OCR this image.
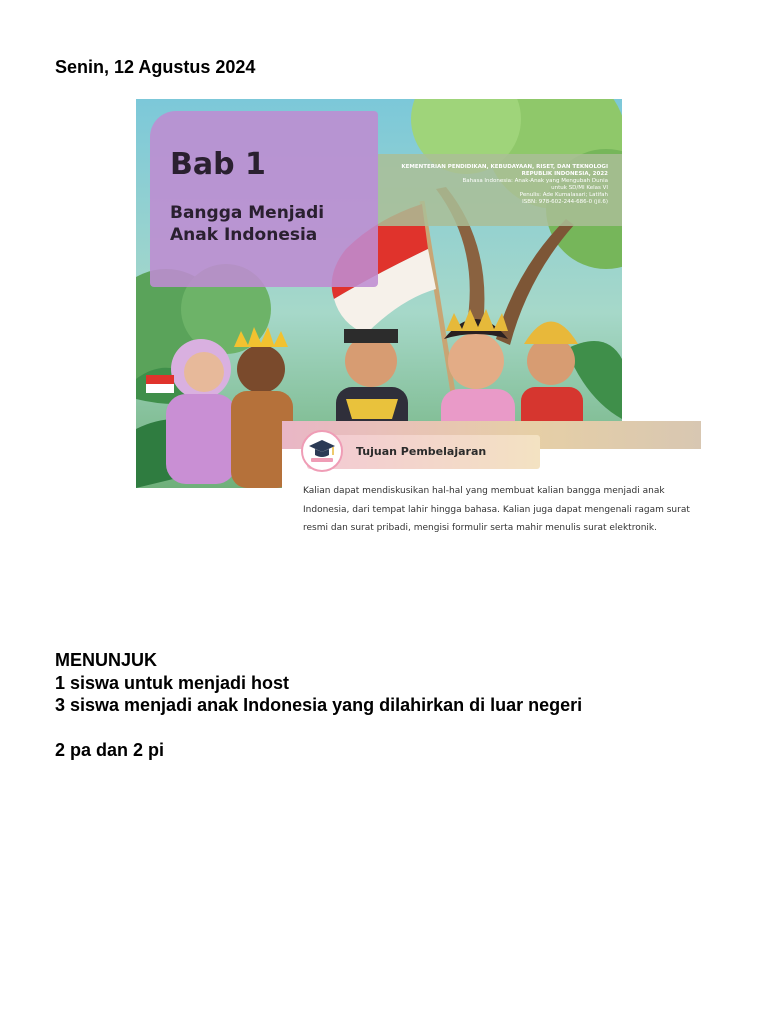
Senin, 12 Agustus 2024
Bab 1
Bangga Menjadi Anak Indonesia
KEMENTERIAN PENDIDIKAN, KEBUDAYAAN, RISET, DAN TEKNOLOGI
REPUBLIK INDONESIA, 2022
Bahasa Indonesia: Anak-Anak yang Mengubah Dunia
untuk SD/MI Kelas VI
Penulis: Ade Kumalasari; Latifah
ISBN: 978-602-244-686-0 (jil.6)
Tujuan Pembelajaran
Kalian dapat mendiskusikan hal-hal yang membuat kalian bangga menjadi anak Indonesia, dari tempat lahir hingga bahasa. Kalian juga dapat mengenali ragam surat resmi dan surat pribadi, mengisi formulir serta mahir menulis surat elektronik.

MENUNJUK

1 siswa untuk menjadi host

3 siswa menjadi anak Indonesia yang dilahirkan di luar negeri

2 pa dan 2 pi
